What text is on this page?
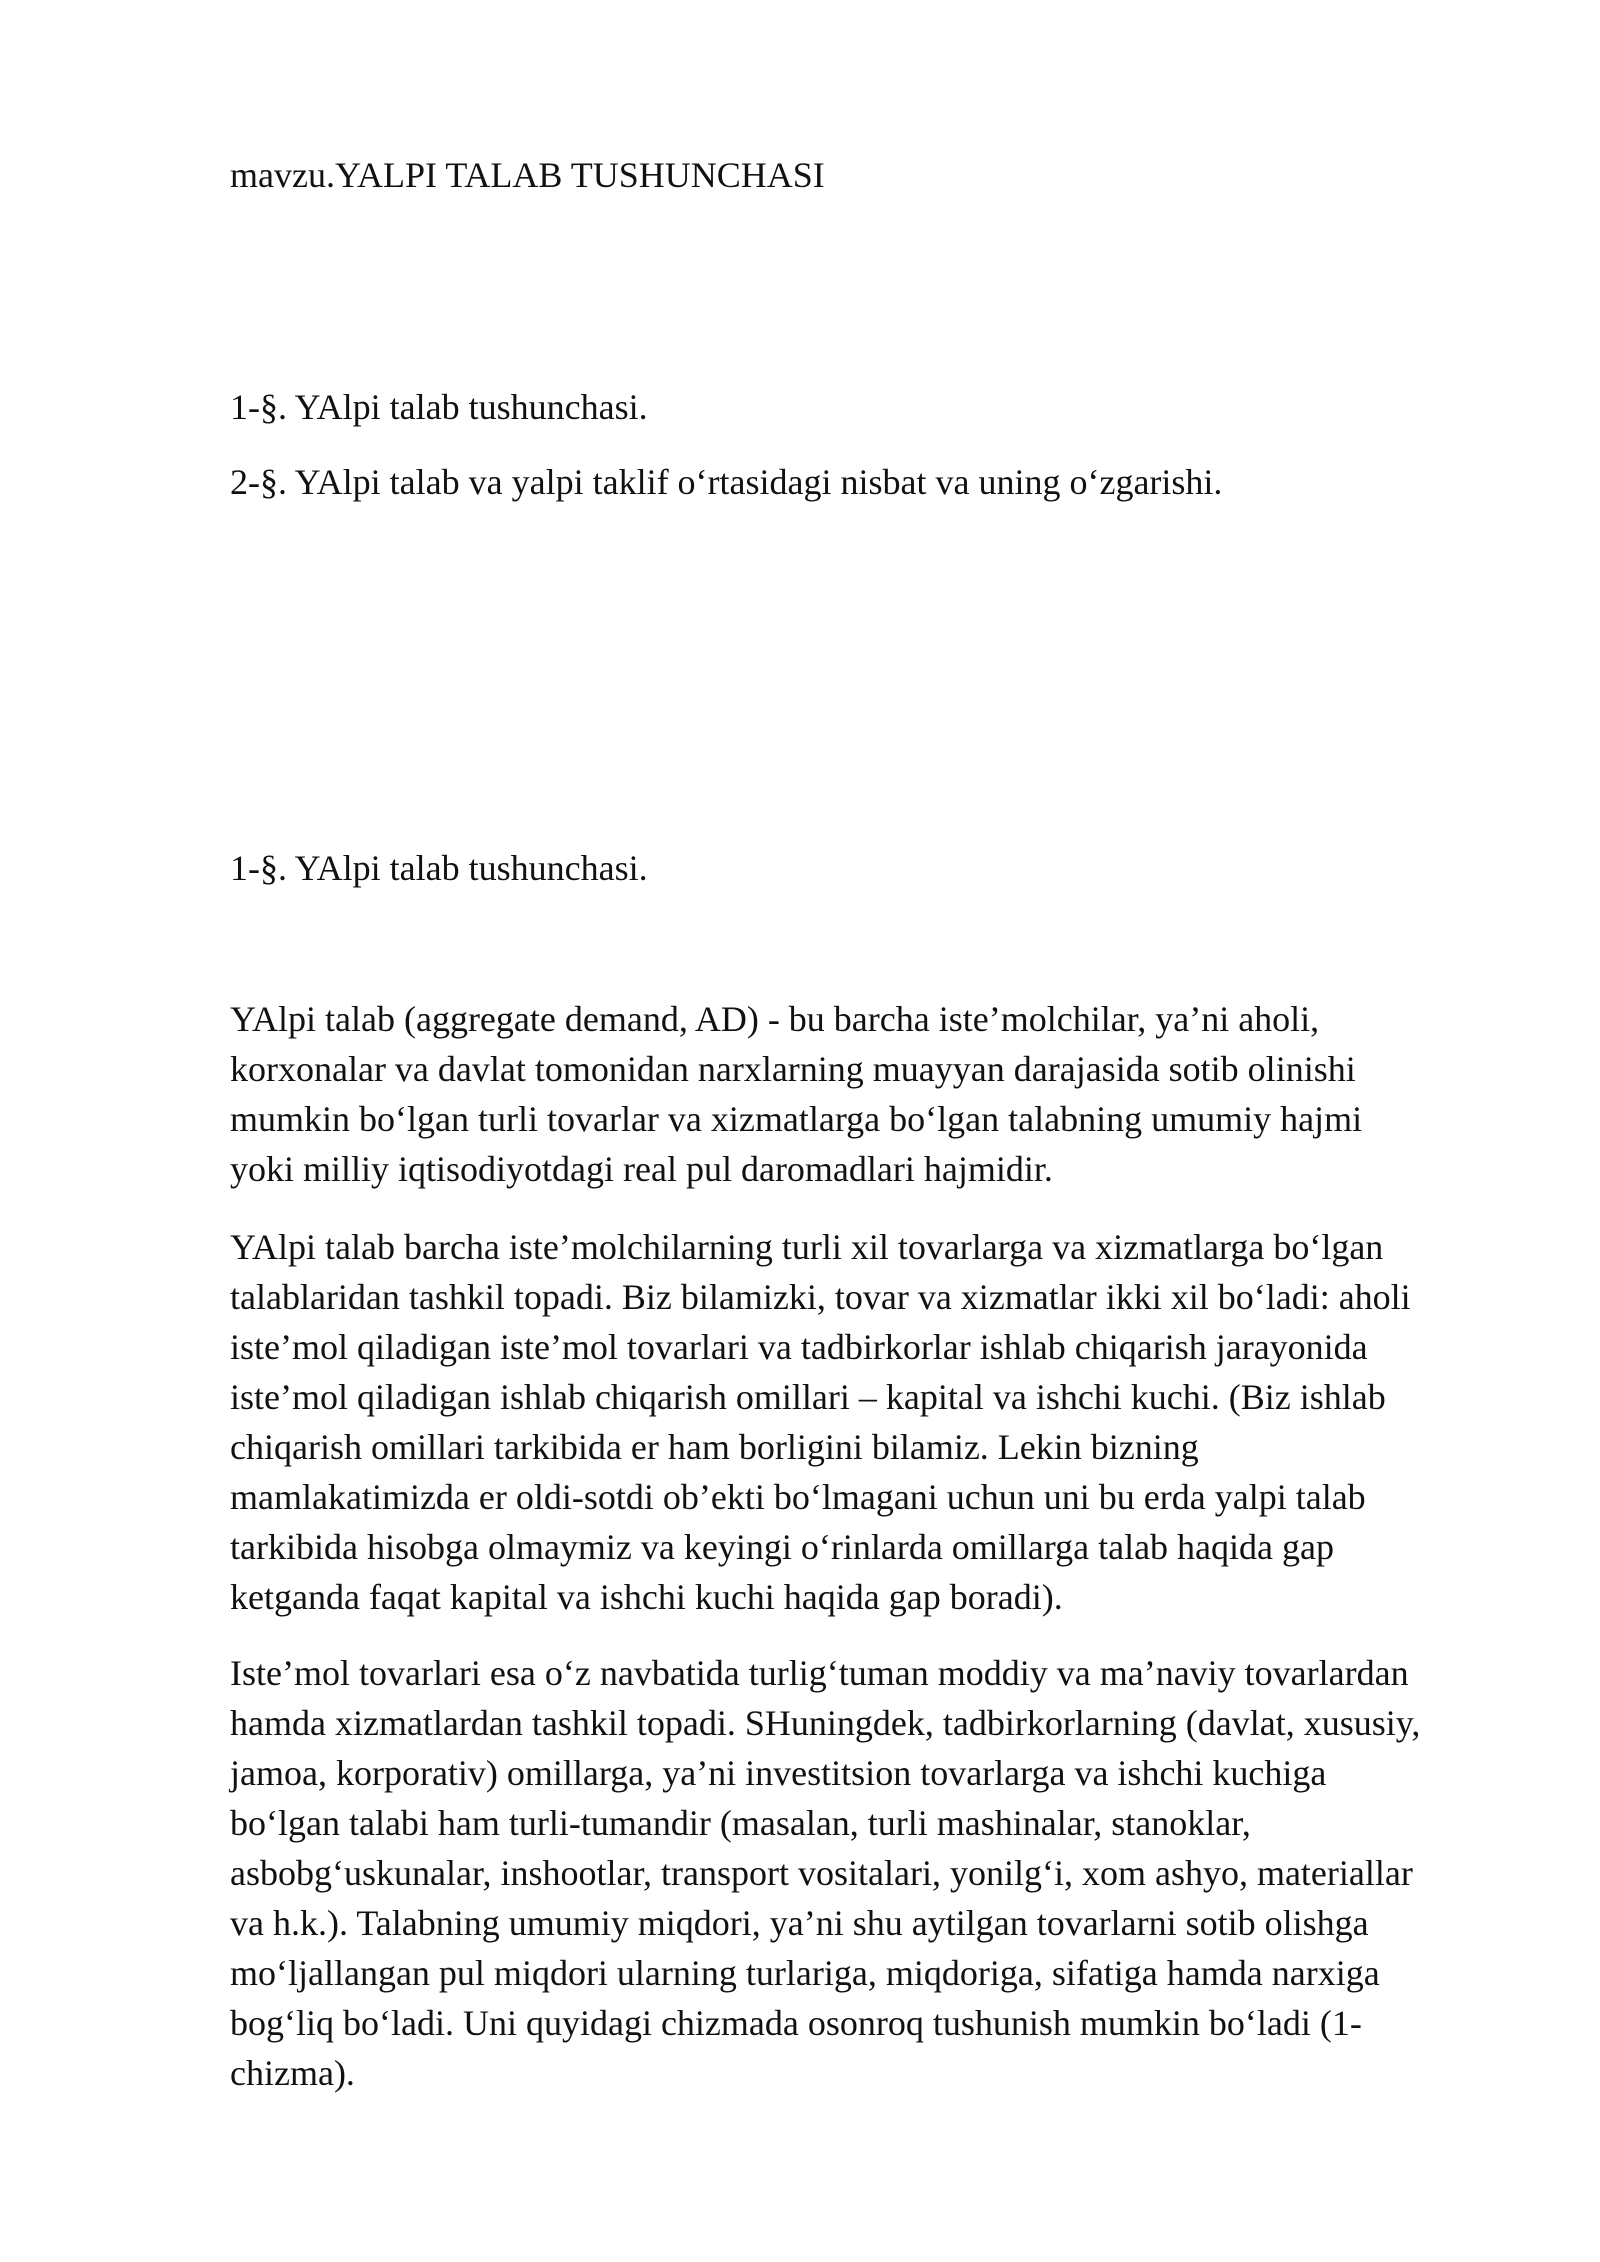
mavzu.YALPI TALAB TUSHUNCHASI

1-§. YAlpi talab tushunchasi.

2-§. YAlpi talab va yalpi taklif o‘rtasidagi nisbat va uning o‘zgarishi.

1-§. YAlpi talab tushunchasi.

YAlpi talab (aggregate demand, AD) - bu barcha iste’molchilar, ya’ni aholi,
korxonalar va davlat tomonidan narxlarning muayyan darajasida sotib olinishi
mumkin bo‘lgan turli tovarlar va xizmatlarga bo‘lgan talabning umumiy hajmi
yoki milliy iqtisodiyotdagi real pul daromadlari hajmidir.
YAlpi talab barcha iste’molchilarning turli xil tovarlarga va xizmatlarga bo‘lgan
talablaridan tashkil topadi. Biz bilamizki, tovar va xizmatlar ikki xil bo‘ladi: aholi
iste’mol qiladigan iste’mol tovarlari va tadbirkorlar ishlab chiqarish jarayonida
iste’mol qiladigan ishlab chiqarish omillari – kapital va ishchi kuchi. (Biz ishlab
chiqarish omillari tarkibida er ham borligini bilamiz. Lekin bizning
mamlakatimizda er oldi-sotdi ob’ekti bo‘lmagani uchun uni bu erda yalpi talab
tarkibida hisobga olmaymiz va keyingi o‘rinlarda omillarga talab haqida gap
ketganda faqat kapital va ishchi kuchi haqida gap boradi).
Iste’mol tovarlari esa o‘z navbatida turlig‘tuman moddiy va ma’naviy tovarlardan
hamda xizmatlardan tashkil topadi. SHuningdek, tadbirkorlarning (davlat, xususiy,
jamoa, korporativ) omillarga, ya’ni investitsion tovarlarga va ishchi kuchiga
bo‘lgan talabi ham turli-tumandir (masalan, turli mashinalar, stanoklar,
asbobg‘uskunalar, inshootlar, transport vositalari, yonilg‘i, xom ashyo, materiallar
va h.k.). Talabning umumiy miqdori, ya’ni shu aytilgan tovarlarni sotib olishga
mo‘ljallangan pul miqdori ularning turlariga, miqdoriga, sifatiga hamda narxiga
bog‘liq bo‘ladi. Uni quyidagi chizmada osonroq tushunish mumkin bo‘ladi (1-
chizma).
